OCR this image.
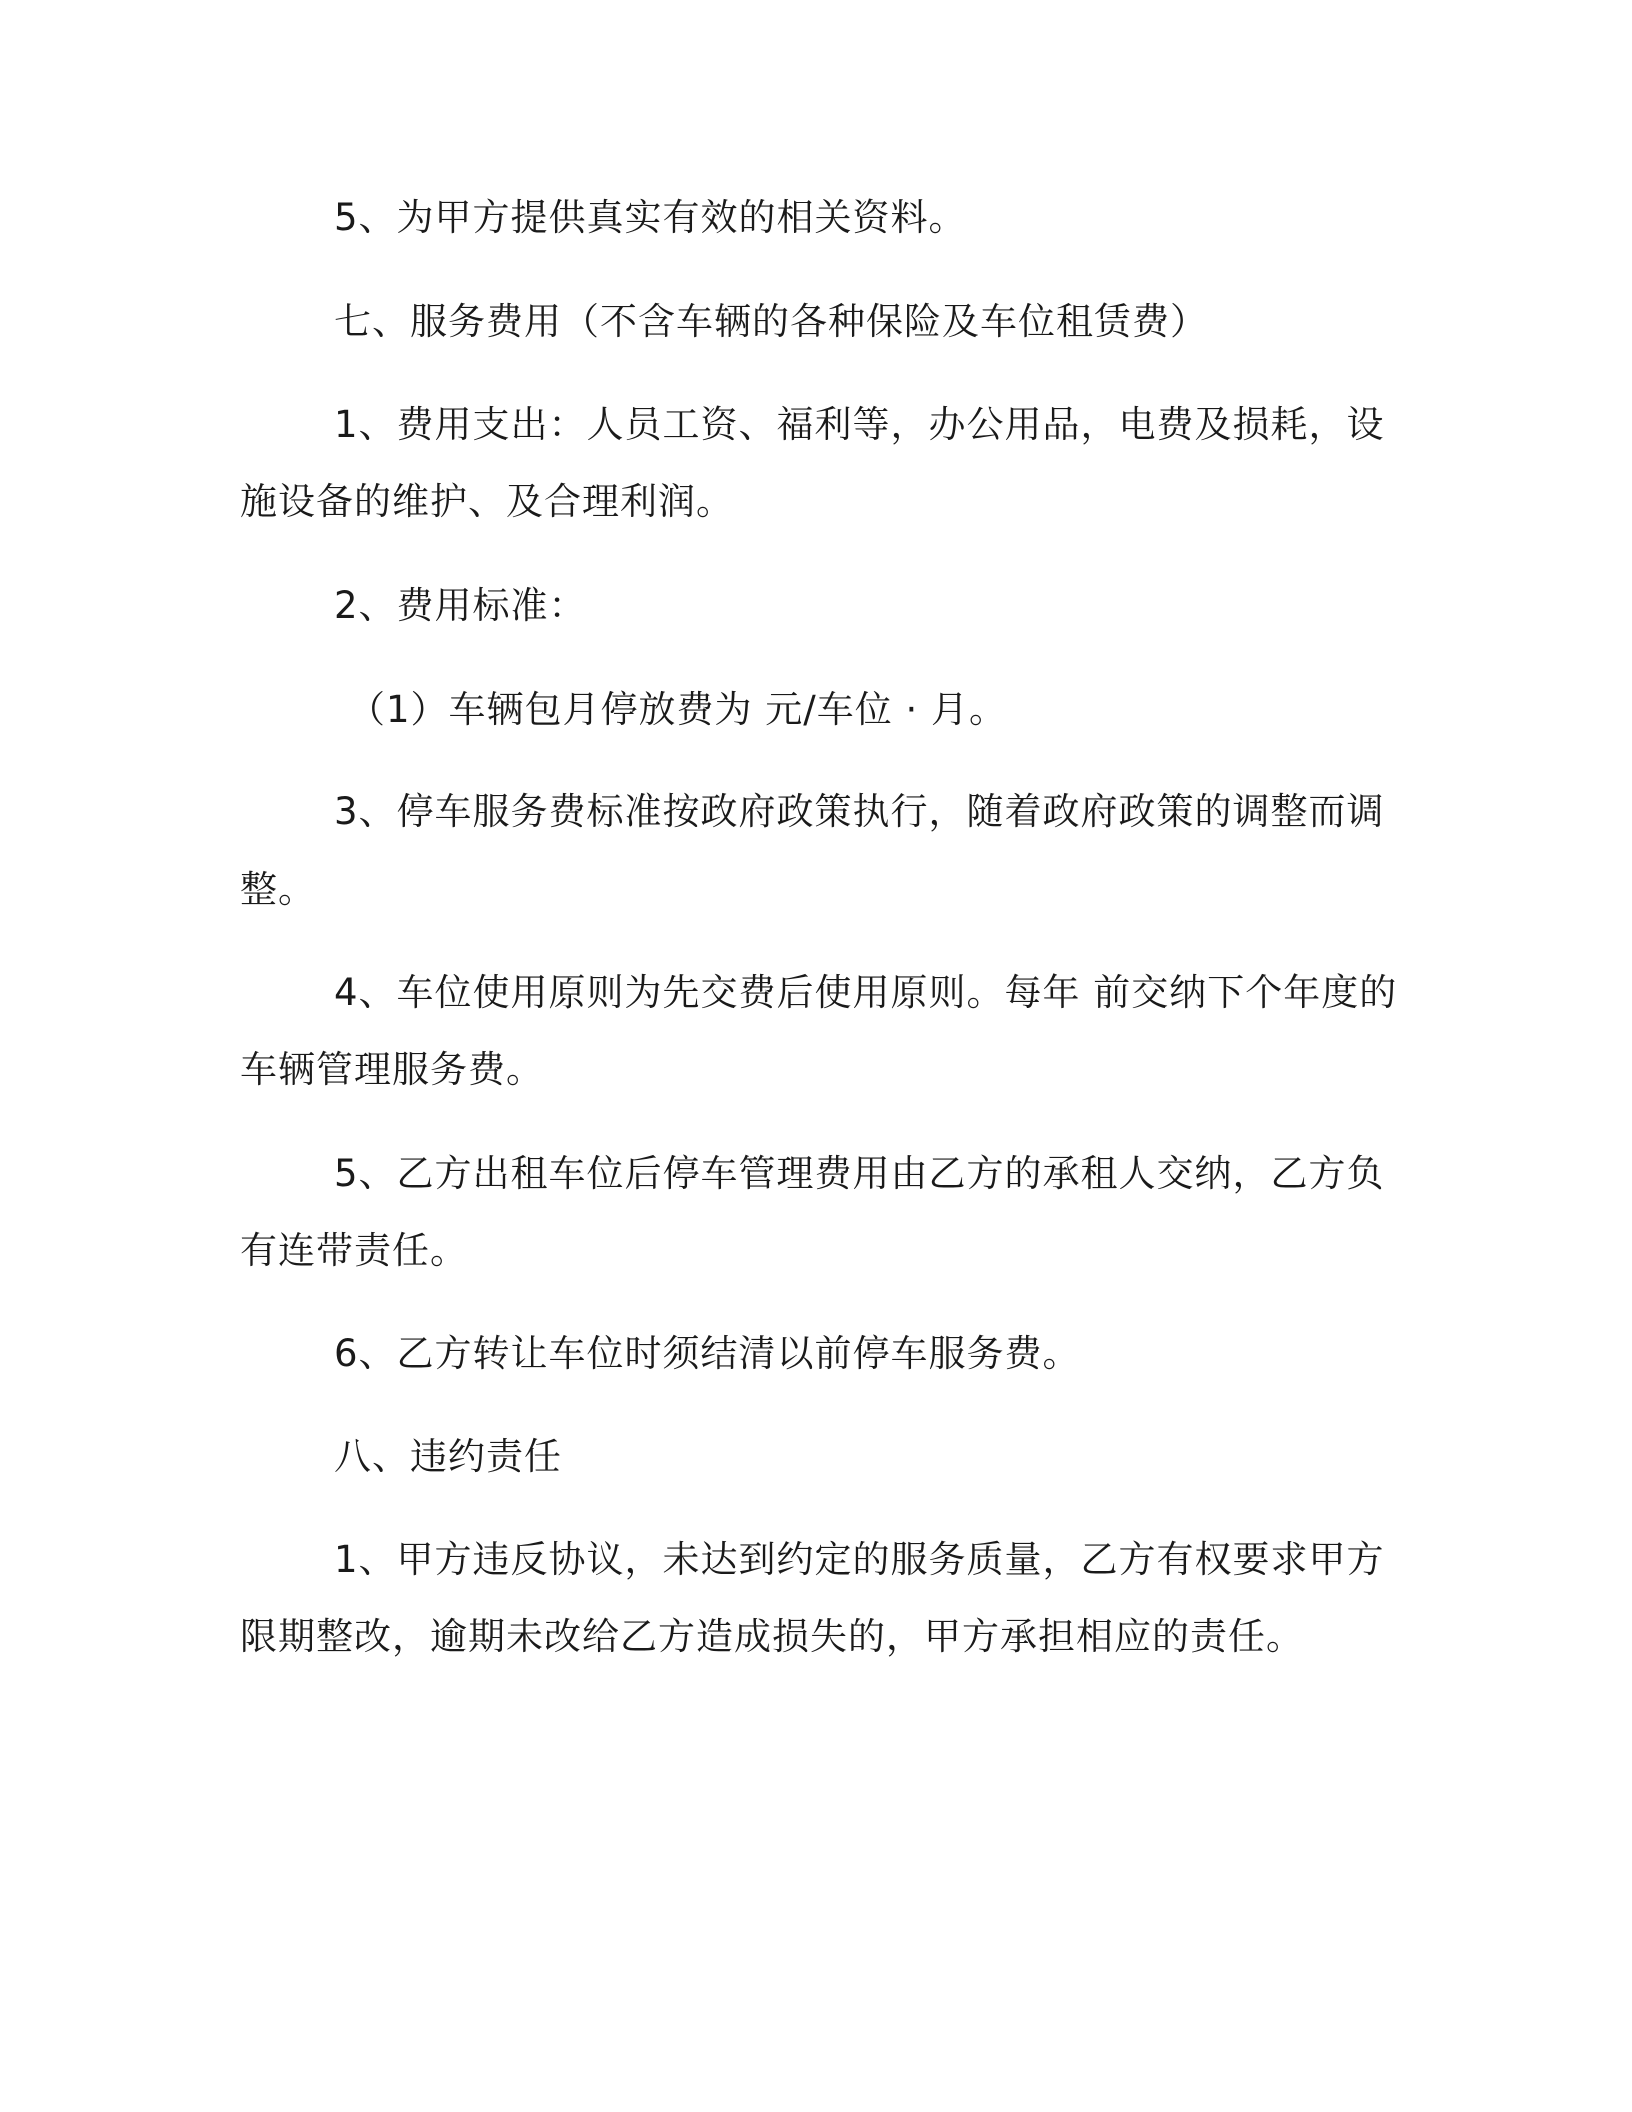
5、为甲方提供真实有效的相关资料。
七、服务费用（不含车辆的各种保险及车位租赁费）
1、费用支出：人员工资、福利等，办公用品，电费及损耗，设
施设备的维护、及合理利润。
2、费用标准：
（1）车辆包月停放费为 元/车位 · 月。
3、停车服务费标准按政府政策执行，随着政府政策的调整而调
整。
4、车位使用原则为先交费后使用原则。每年 前交纳下个年度的
车辆管理服务费。
5、乙方出租车位后停车管理费用由乙方的承租人交纳，乙方负
有连带责任。
6、乙方转让车位时须结清以前停车服务费。
八、违约责任
1、甲方违反协议，未达到约定的服务质量，乙方有权要求甲方
限期整改，逾期未改给乙方造成损失的，甲方承担相应的责任。
